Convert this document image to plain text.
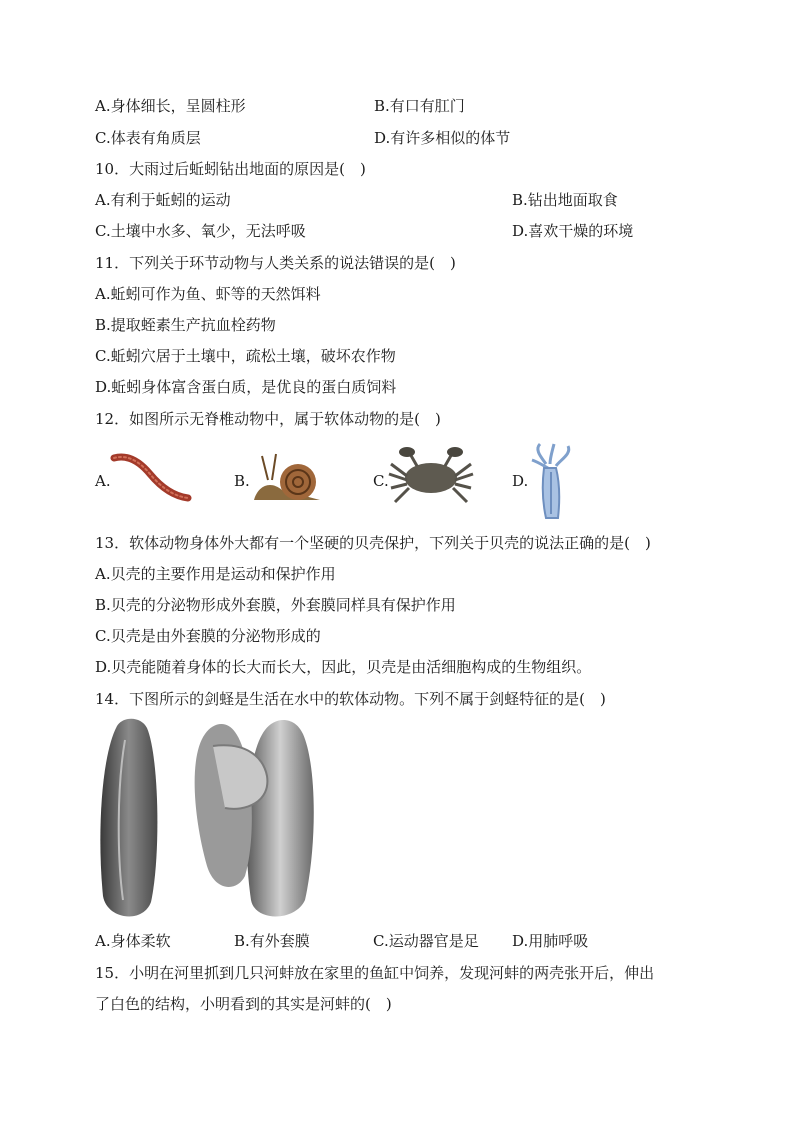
A.身体细长，呈圆柱形	B.有口有肛门
C.体表有角质层	D.有许多相似的体节
10．大雨过后蚯蚓钻出地面的原因是(　)
A.有利于蚯蚓的运动	B.钻出地面取食
C.土壤中水多、氧少，无法呼吸	D.喜欢干燥的环境
11．下列关于环节动物与人类关系的说法错误的是(　)
A.蚯蚓可作为鱼、虾等的天然饵料
B.提取蛭素生产抗血栓药物
C.蚯蚓穴居于土壤中，疏松土壤，破坏农作物
D.蚯蚓身体富含蛋白质，是优良的蛋白质饲料
12．如图所示无脊椎动物中，属于软体动物的是(　)
A.	B.	C.	D.
13．软体动物身体外大都有一个坚硬的贝壳保护，下列关于贝壳的说法正确的是(　)
A.贝壳的主要作用是运动和保护作用
B.贝壳的分泌物形成外套膜，外套膜同样具有保护作用
C.贝壳是由外套膜的分泌物形成的
D.贝壳能随着身体的长大而长大，因此，贝壳是由活细胞构成的生物组织。
14．下图所示的剑蛏是生活在水中的软体动物。下列不属于剑蛏特征的是(　)
A.身体柔软	B.有外套膜	C.运动器官是足 D.用肺呼吸
15．小明在河里抓到几只河蚌放在家里的鱼缸中饲养，发现河蚌的两壳张开后，伸出
了白色的结构，小明看到的其实是河蚌的(　)
